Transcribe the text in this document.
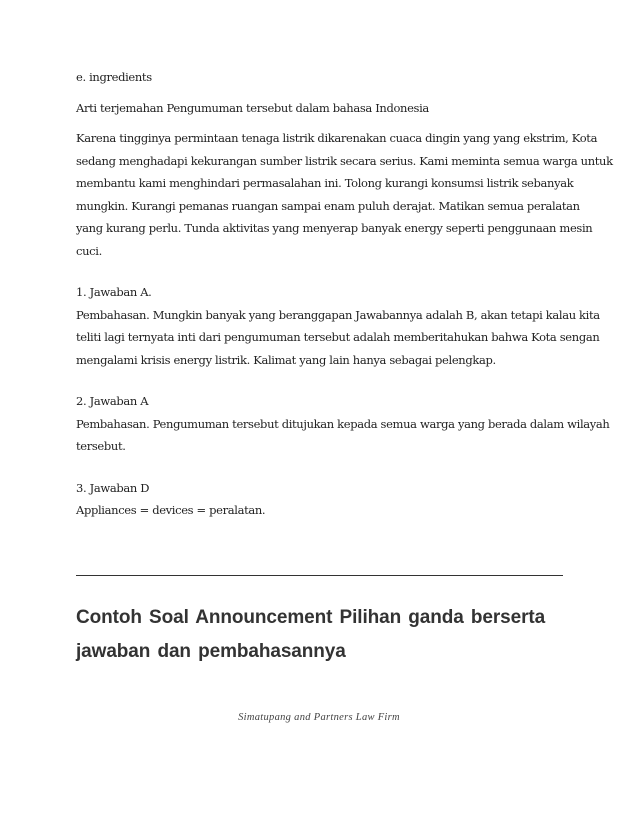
e. ingredients
Arti terjemahan Pengumuman tersebut dalam bahasa Indonesia
Karena tingginya permintaan tenaga listrik dikarenakan cuaca dingin yang yang ekstrim, Kota
sedang menghadapi kekurangan sumber listrik secara serius. Kami meminta semua warga untuk
membantu kami menghindari permasalahan ini. Tolong kurangi konsumsi listrik sebanyak
mungkin. Kurangi pemanas ruangan sampai enam puluh derajat. Matikan semua peralatan
yang kurang perlu. Tunda aktivitas yang menyerap banyak energy seperti penggunaan mesin
cuci.
1. Jawaban A.
Pembahasan. Mungkin banyak yang beranggapan Jawabannya adalah B, akan tetapi kalau kita
teliti lagi ternyata inti dari pengumuman tersebut adalah memberitahukan bahwa Kota sengan
mengalami krisis energy listrik. Kalimat yang lain hanya sebagai pelengkap.
2. Jawaban A
Pembahasan. Pengumuman tersebut ditujukan kepada semua warga yang berada dalam wilayah
tersebut.
3. Jawaban D
Appliances = devices = peralatan.
Contoh Soal Announcement Pilihan ganda berserta
jawaban dan pembahasannya
Simatupang and Partners Law Firm
